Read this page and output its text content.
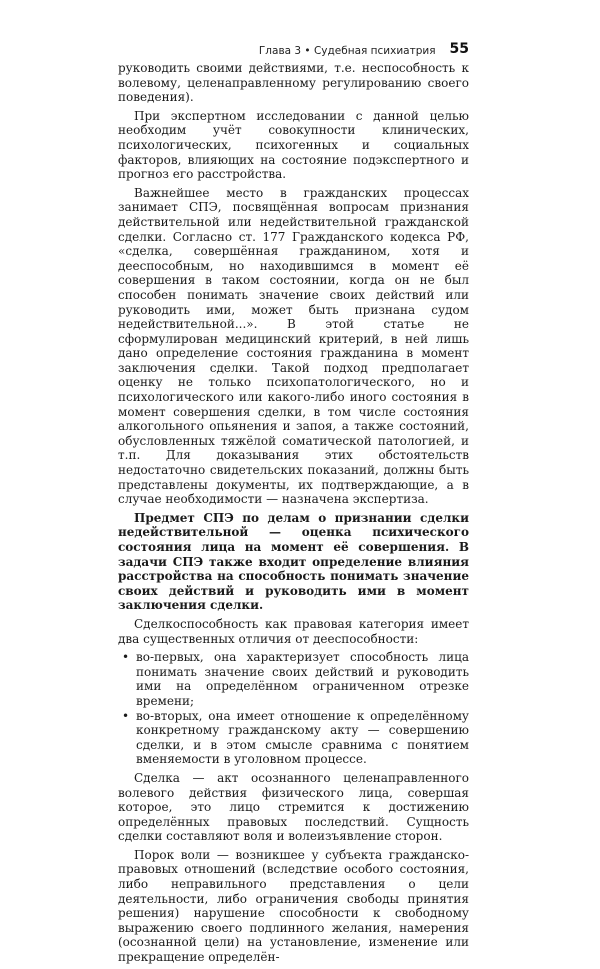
Глава 3 • Судебная психиатрия 55

руководить своими действиями, т.е. неспособность к волевому, целенаправленному регулированию своего поведения).

При экспертном исследовании с данной целью необходим учёт совокупности клинических, психологических, психогенных и социальных факторов, влияющих на состояние подэкспертного и прогноз его расстройства.

Важнейшее место в гражданских процессах занимает СПЭ, посвящённая вопросам признания действительной или недействительной гражданской сделки. Согласно ст. 177 Гражданского кодекса РФ, «сделка, совершённая гражданином, хотя и дееспособным, но находившимся в момент её совершения в таком состоянии, когда он не был способен понимать значение своих действий или руководить ими, может быть признана судом недействительной...». В этой статье не сформулирован медицинский критерий, в ней лишь дано определение состояния гражданина в момент заключения сделки. Такой подход предполагает оценку не только психопатологического, но и психологического или какого-либо иного состояния в момент совершения сделки, в том числе состояния алкогольного опьянения и запоя, а также состояний, обусловленных тяжёлой соматической патологией, и т.п. Для доказывания этих обстоятельств недостаточно свидетельских показаний, должны быть представлены документы, их подтверждающие, а в случае необходимости — назначена экспертиза.

Предмет СПЭ по делам о признании сделки недействительной — оценка психического состояния лица на момент её совершения. В задачи СПЭ также входит определение влияния расстройства на способность понимать значение своих действий и руководить ими в момент заключения сделки.

Сделкоспособность как правовая категория имеет два существенных отличия от дееспособности:

• во-первых, она характеризует способность лица понимать значение своих действий и руководить ими на определённом ограниченном отрезке времени;
• во-вторых, она имеет отношение к определённому конкретному гражданскому акту — совершению сделки, и в этом смысле сравнима с понятием вменяемости в уголовном процессе.

Сделка — акт осознанного целенаправленного волевого действия физического лица, совершая которое, это лицо стремится к достижению определённых правовых последствий. Сущность сделки составляют воля и волеизъявление сторон.

Порок воли — возникшее у субъекта гражданско-правовых отношений (вследствие особого состояния, либо неправильного представления о цели деятельности, либо ограничения свободы принятия решения) нарушение способности к свободному выражению своего подлинного желания, намерения (осознанной цели) на установление, изменение или прекращение определён-
